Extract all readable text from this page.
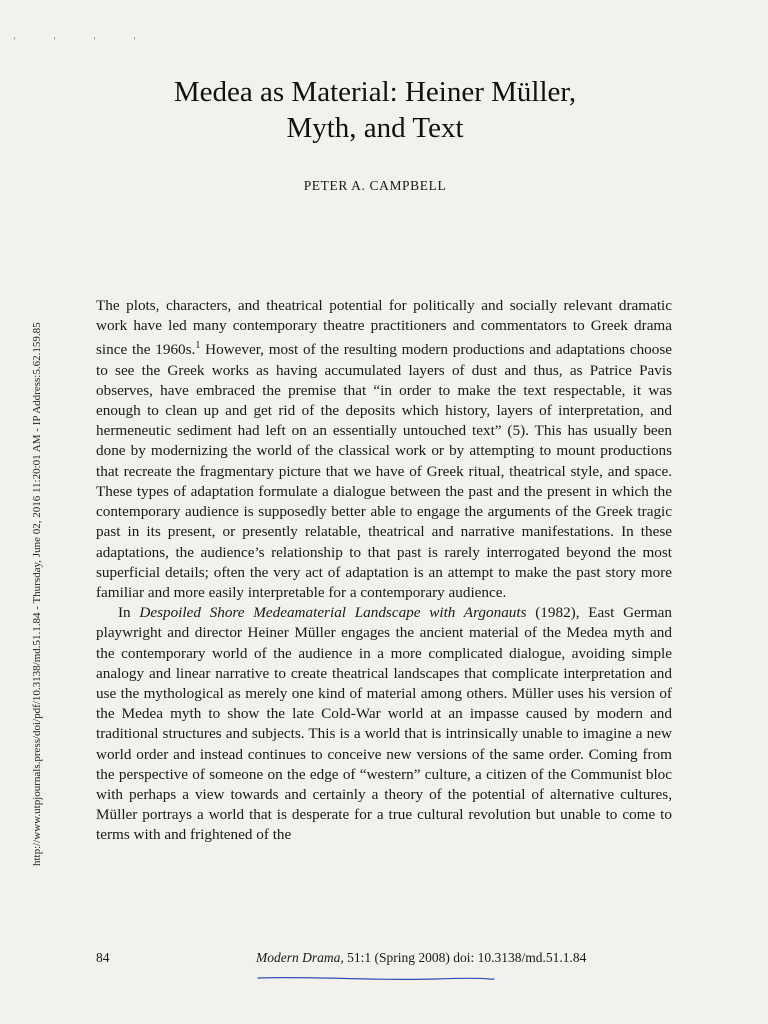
' ' ' '
Medea as Material: Heiner Müller,
Myth, and Text
PETER A. CAMPBELL
http://www.utpjournals.press/doi/pdf/10.3138/md.51.1.84 - Thursday, June 02, 2016 11:20:01 AM - IP Address:5.62.159.85

The plots, characters, and theatrical potential for politically and socially relevant dramatic work have led many contemporary theatre practitioners and commentators to Greek drama since the 1960s.$^1$ However, most of the resulting modern productions and adaptations choose to see the Greek works as having accumulated layers of dust and thus, as Patrice Pavis observes, have embraced the premise that “in order to make the text respectable, it was enough to clean up and get rid of the deposits which history, layers of interpretation, and hermeneutic sediment had left on an essentially untouched text” (5). This has usually been done by modernizing the world of the classical work or by attempting to mount productions that recreate the fragmentary picture that we have of Greek ritual, theatrical style, and space. These types of adaptation formulate a dialogue between the past and the present in which the contemporary audience is supposedly better able to engage the arguments of the Greek tragic past in its present, or presently relatable, theatrical and narrative manifestations. In these adaptations, the audience’s relationship to that past is rarely interrogated beyond the most superficial details; often the very act of adaptation is an attempt to make the past story more familiar and more easily interpretable for a contemporary audience.

In Despoiled Shore Medeamaterial Landscape with Argonauts (1982), East German playwright and director Heiner Müller engages the ancient material of the Medea myth and the contemporary world of the audience in a more complicated dialogue, avoiding simple analogy and linear narrative to create theatrical landscapes that complicate interpretation and use the mythological as merely one kind of material among others. Müller uses his version of the Medea myth to show the late Cold-War world at an impasse caused by modern and traditional structures and subjects. This is a world that is intrinsically unable to imagine a new world order and instead continues to conceive new versions of the same order. Coming from the perspective of someone on the edge of “western” culture, a citizen of the Communist bloc with perhaps a view towards and certainly a theory of the potential of alternative cultures, Müller portrays a world that is desperate for a true cultural revolution but unable to come to terms with and frightened of the

84	Modern Drama, 51:1 (Spring 2008) doi: 10.3138/md.51.1.84
